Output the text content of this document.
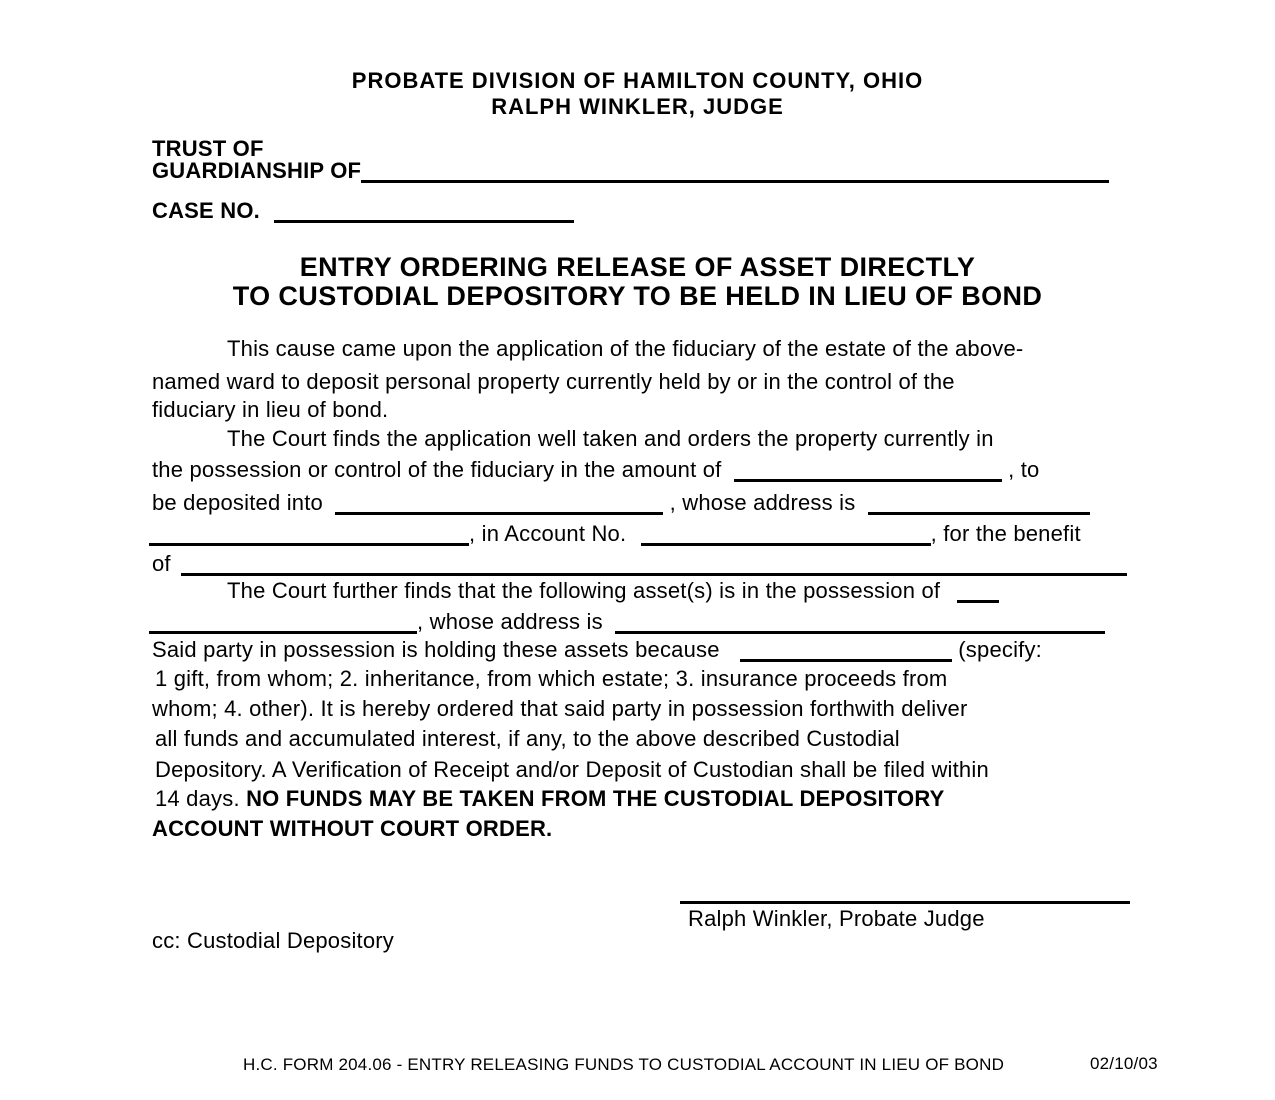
PROBATE DIVISION OF HAMILTON COUNTY, OHIO
RALPH WINKLER, JUDGE
TRUST OF
GUARDIANSHIP OF
CASE NO.
ENTRY ORDERING RELEASE OF ASSET DIRECTLY
TO CUSTODIAL DEPOSITORY TO BE HELD IN LIEU OF BOND
This cause came upon the application of the fiduciary of the estate of the above-
named ward to deposit personal property currently held by or in the control of the
fiduciary in lieu of bond.
The Court finds the application well taken and orders the property currently in
the possession or control of the fiduciary in the amount of	, to
be deposited into	, whose address is
, in Account No.	, for the benefit
of
The Court further finds that the following asset(s) is in the possession of
, whose address is
Said party in possession is holding these assets because	(specify:
1 gift, from whom; 2. inheritance, from which estate; 3. insurance proceeds from
whom; 4. other). It is hereby ordered that said party in possession forthwith deliver
all funds and accumulated interest, if any, to the above described Custodial
Depository. A Verification of Receipt and/or Deposit of Custodian shall be filed within
14 days. NO FUNDS MAY BE TAKEN FROM THE CUSTODIAL DEPOSITORY
ACCOUNT WITHOUT COURT ORDER.
Ralph Winkler, Probate Judge
cc: Custodial Depository
H.C. FORM 204.06 - ENTRY RELEASING FUNDS TO CUSTODIAL ACCOUNT IN LIEU OF BOND	02/10/03
